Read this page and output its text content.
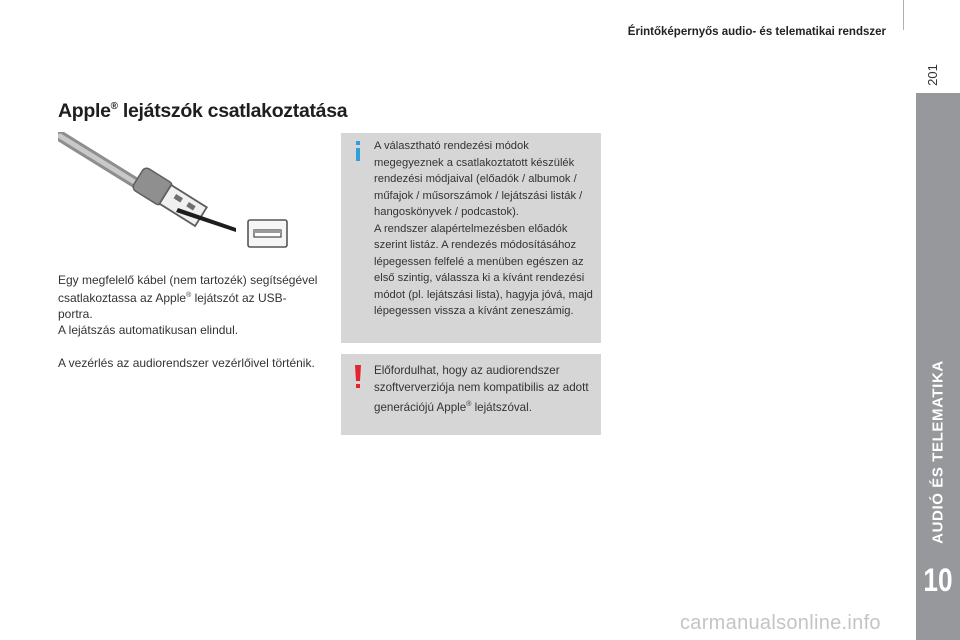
Érintőképernyős audio- és telematikai rendszer
201
AUDIÓ ÉS TELEMATIKA
10
Apple® lejátszók csatlakoztatása

Egy megfelelő kábel (nem tartozék) segítségével csatlakoztassa az Apple® lejátszót az USB-portra.
A lejátszás automatikusan elindul.

A vezérlés az audiorendszer vezérlőivel történik.

A választható rendezési módok megegyeznek a csatlakoztatott készülék rendezési módjaival (előadók / albumok / műfajok / műsorszámok / lejátszási listák / hangoskönyvek / podcastok).
A rendszer alapértelmezésben előadók szerint listáz. A rendezés módosításához lépegessen felfelé a menüben egészen az első szintig, válassza ki a kívánt rendezési módot (pl. lejátszási lista), hagyja jóvá, majd lépegessen vissza a kívánt zeneszámig.

Előfordulhat, hogy az audiorendszer szoftververziója nem kompatibilis az adott generációjú Apple® lejátszóval.

carmanualsonline.info
